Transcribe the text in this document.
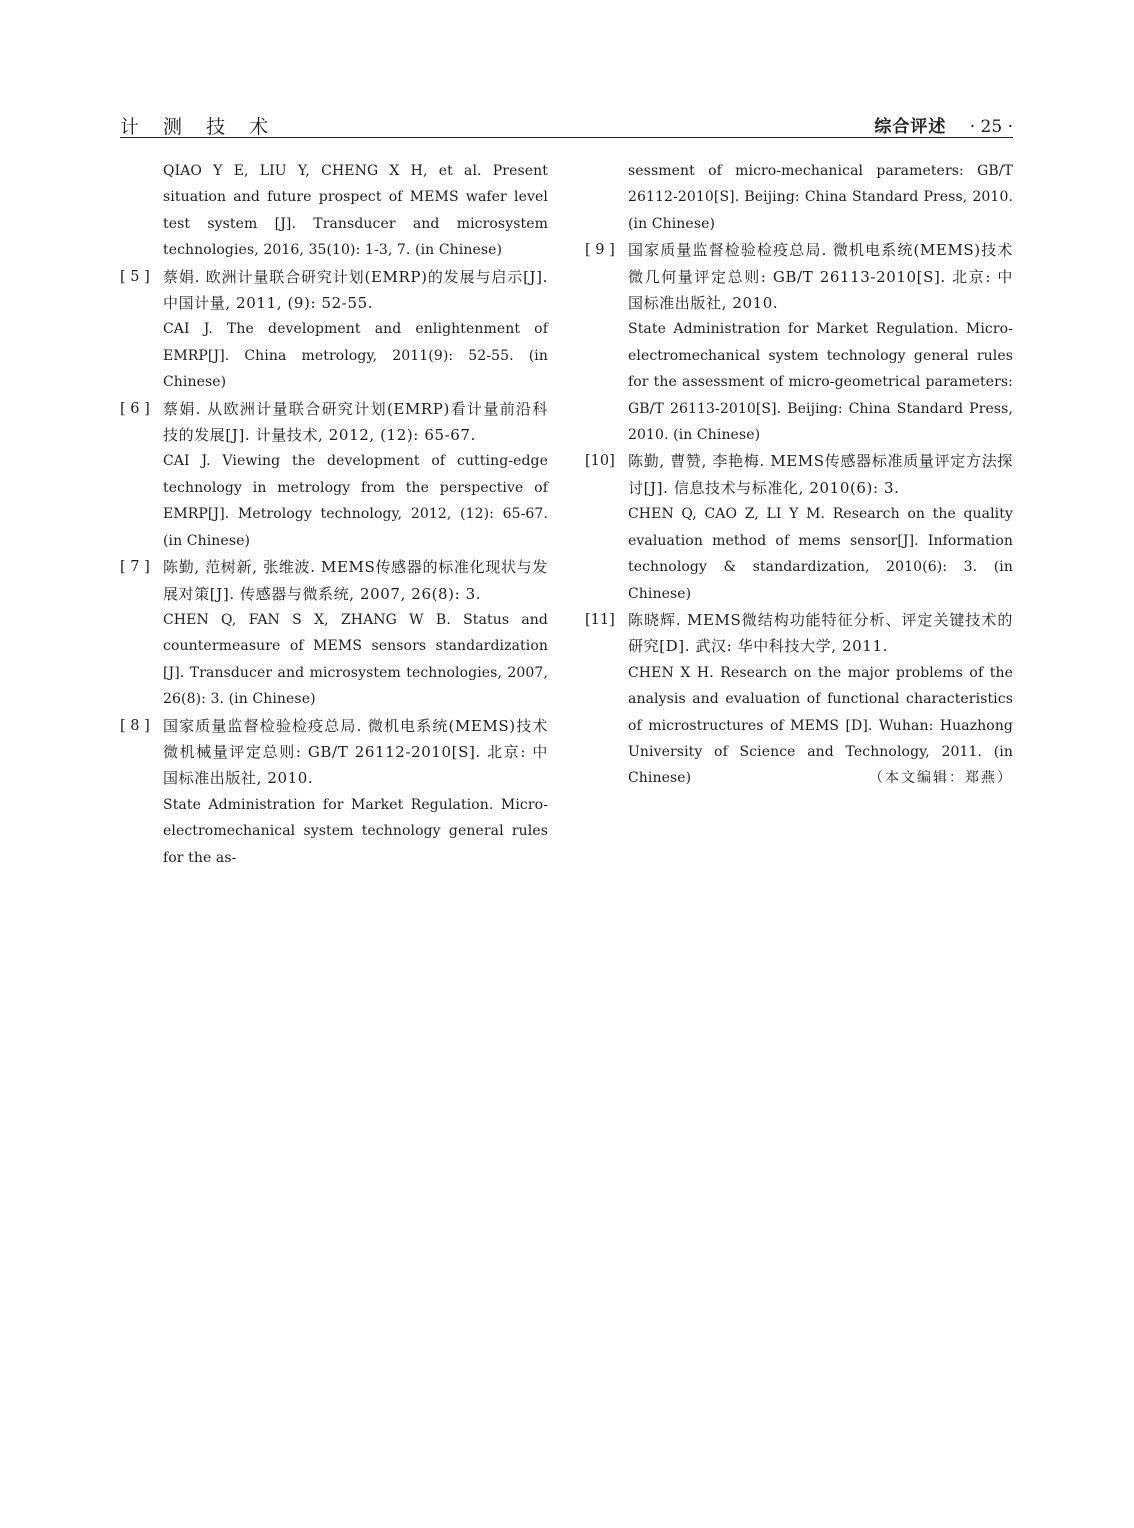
计 测 技 术	综合评述 · 25 ·
QIAO Y E, LIU Y, CHENG X H, et al. Present situation and future prospect of MEMS wafer level test system [J]. Transducer and microsystem technologies, 2016, 35(10): 1-3, 7. (in Chinese)
[ 5 ] 蔡娟. 欧洲计量联合研究计划(EMRP)的发展与启示[J]. 中国计量, 2011, (9): 52-55.
CAI J. The development and enlightenment of EMRP[J]. China metrology, 2011(9): 52-55. (in Chinese)
[ 6 ] 蔡娟. 从欧洲计量联合研究计划(EMRP)看计量前沿科技的发展[J]. 计量技术, 2012, (12): 65-67.
CAI J. Viewing the development of cutting-edge technology in metrology from the perspective of EMRP[J]. Metrology technology, 2012, (12): 65-67. (in Chinese)
[ 7 ] 陈勤, 范树新, 张维波. MEMS传感器的标准化现状与发展对策[J]. 传感器与微系统, 2007, 26(8): 3.
CHEN Q, FAN S X, ZHANG W B. Status and countermeasure of MEMS sensors standardization [J]. Transducer and microsystem technologies, 2007, 26(8): 3. (in Chinese)
[ 8 ] 国家质量监督检验检疫总局. 微机电系统(MEMS)技术微机械量评定总则: GB/T 26112-2010[S]. 北京: 中国标准出版社, 2010.
State Administration for Market Regulation. Micro-electromechanical system technology general rules for the as-
sessment of micro-mechanical parameters: GB/T 26112-2010[S]. Beijing: China Standard Press, 2010. (in Chinese)
[ 9 ] 国家质量监督检验检疫总局. 微机电系统(MEMS)技术微几何量评定总则: GB/T 26113-2010[S]. 北京: 中国标准出版社, 2010.
State Administration for Market Regulation. Micro-electromechanical system technology general rules for the assessment of micro-geometrical parameters: GB/T 26113-2010[S]. Beijing: China Standard Press, 2010. (in Chinese)
[10] 陈勤, 曹赞, 李艳梅. MEMS传感器标准质量评定方法探讨[J]. 信息技术与标准化, 2010(6): 3.
CHEN Q, CAO Z, LI Y M. Research on the quality evaluation method of mems sensor[J]. Information technology & standardization, 2010(6): 3. (in Chinese)
[11] 陈晓辉. MEMS微结构功能特征分析、评定关键技术的研究[D]. 武汉: 华中科技大学, 2011.
CHEN X H. Research on the major problems of the analysis and evaluation of functional characteristics of microstructures of MEMS [D]. Wuhan: Huazhong University of Science and Technology, 2011. (in Chinese)	（本文编辑：郑燕）
